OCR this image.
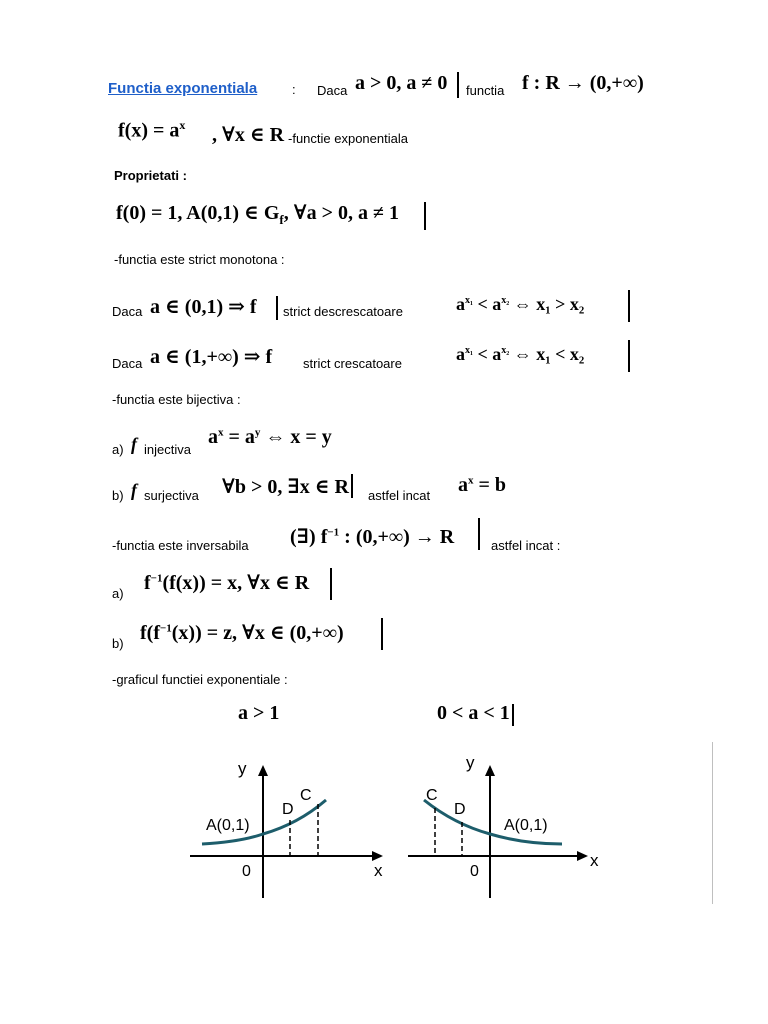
Functia exponentiala	: Daca a > 0, a ≠ 0 functia f : R → (0,+∞)
$f(x) = a^x$ , ∀x ∈ R -functie exponentiala
Proprietati :
f(0) = 1, A(0,1) ∈ $G_f$, ∀a > 0, a ≠ 1
-functia este strict monotona :
Daca a ∈ (0,1) ⇒ f strict descrescatoare	$a^{x_1} < a^{x_2}$ ⇔ x₁ > x₂
Daca a ∈ (1,+∞) ⇒ f strict crescatoare	$a^{x_1} < a^{x_2}$ ⇔ x₁ < x₂
-functia este bijectiva :
a) f injectiva
$a^x = a^y$ ⇔ x = y
b) f surjectiva ∀b > 0, ∃x ∈ R astfel incat $a^x = b$
-functia este inversabila (∃) $f^{-1}$ : (0,+∞) → R	astfel incat :
a) $f^{-1}(f(x)) = x$, ∀x ∈ R
b) $f(f^{-1}(x)) = z$, ∀x ∈ (0,+∞)
-graficul functiei exponentiale :
a > 1	0 < a < 1
y
x
0
A(0,1)
D
C
y
x
0
A(0,1)
D
C
